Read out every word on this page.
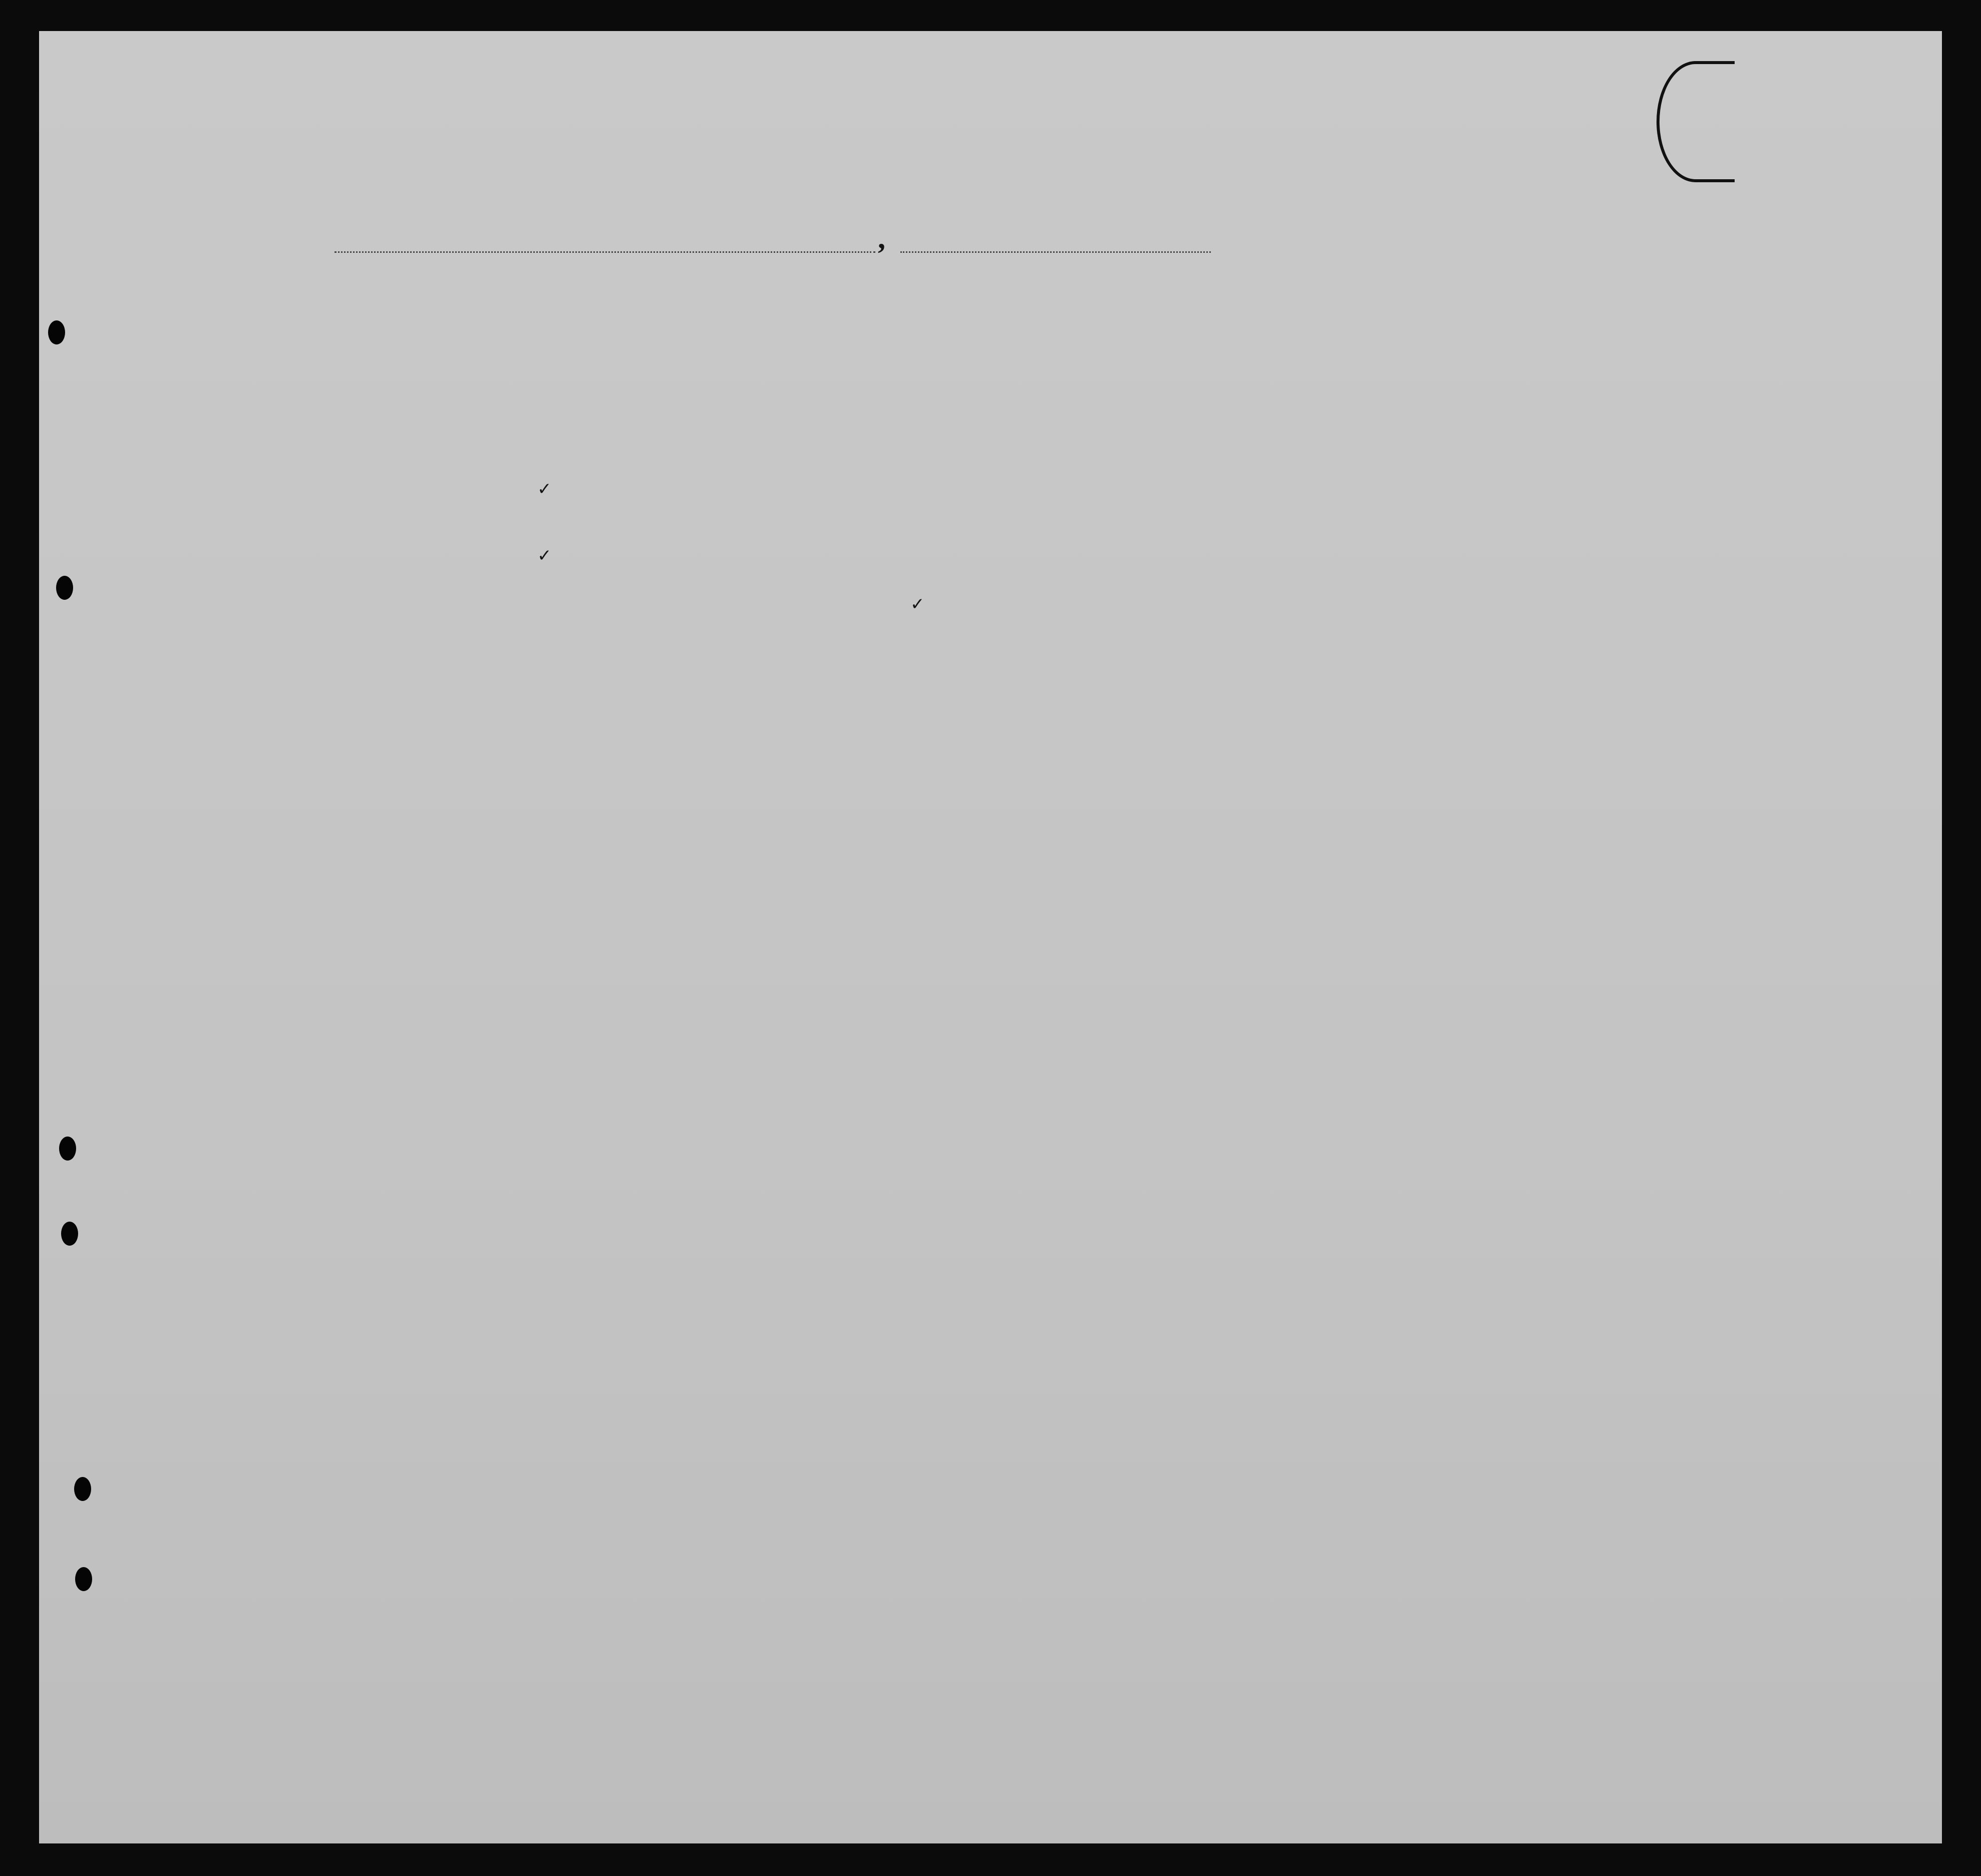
,
✓
✓
✓
